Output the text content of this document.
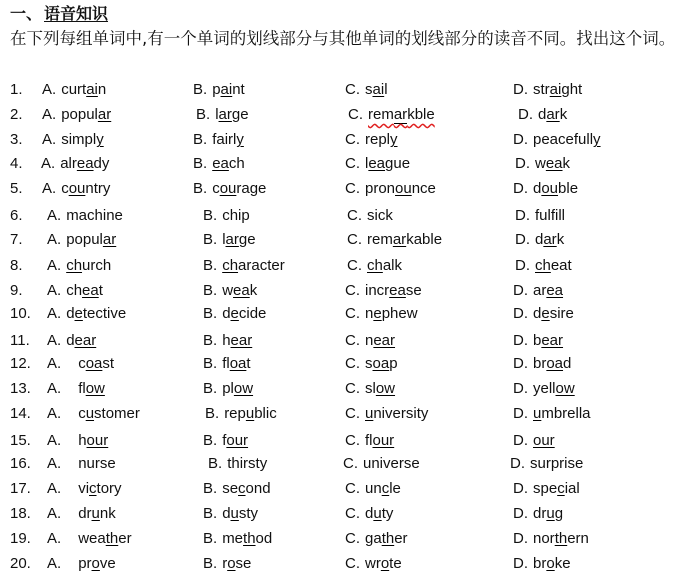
一、 语音知识
在下列每组单词中,有一个单词的划线部分与其他单词的划线部分的读音不同。找出这个词。
1. A. curtain	B. paint	C. sail	D. straight
2. A. popular	B. large	C. remarkble	D. dark
3. A. simply	B. fairly	C. reply	D. peacefully
4. A. already	B. each	C. league	D. weak
5. A. country	B. courage	C. pronounce	D. double
6. A. machine	B. chip	C. sick	D. fulfill
7. A. popular	B. large	C. remarkable	D. dark
8. A. church	B. character	C. chalk	D. cheat
9. A. cheat	B. weak	C. increase	D. area
10. A. detective	B. decide	C. nephew	D. desire
11. A. dear	B. hear	C. near	D. bear
12. A. coast	B. float	C. soap	D. broad
13. A. flow	B. plow	C. slow	D. yellow
14. A. customer	B. republic	C. university	D. umbrella
15. A. hour	B. four	C. flour	D. our
16. A. nurse	B. thirsty	C. universe	D. surprise
17. A. victory	B. second	C. uncle	D. special
18. A. drunk	B. dusty	C. duty	D. drug
19. A. weather	B. method	C. gather	D. northern
20. A. prove	B. rose	C. wrote	D. broke
